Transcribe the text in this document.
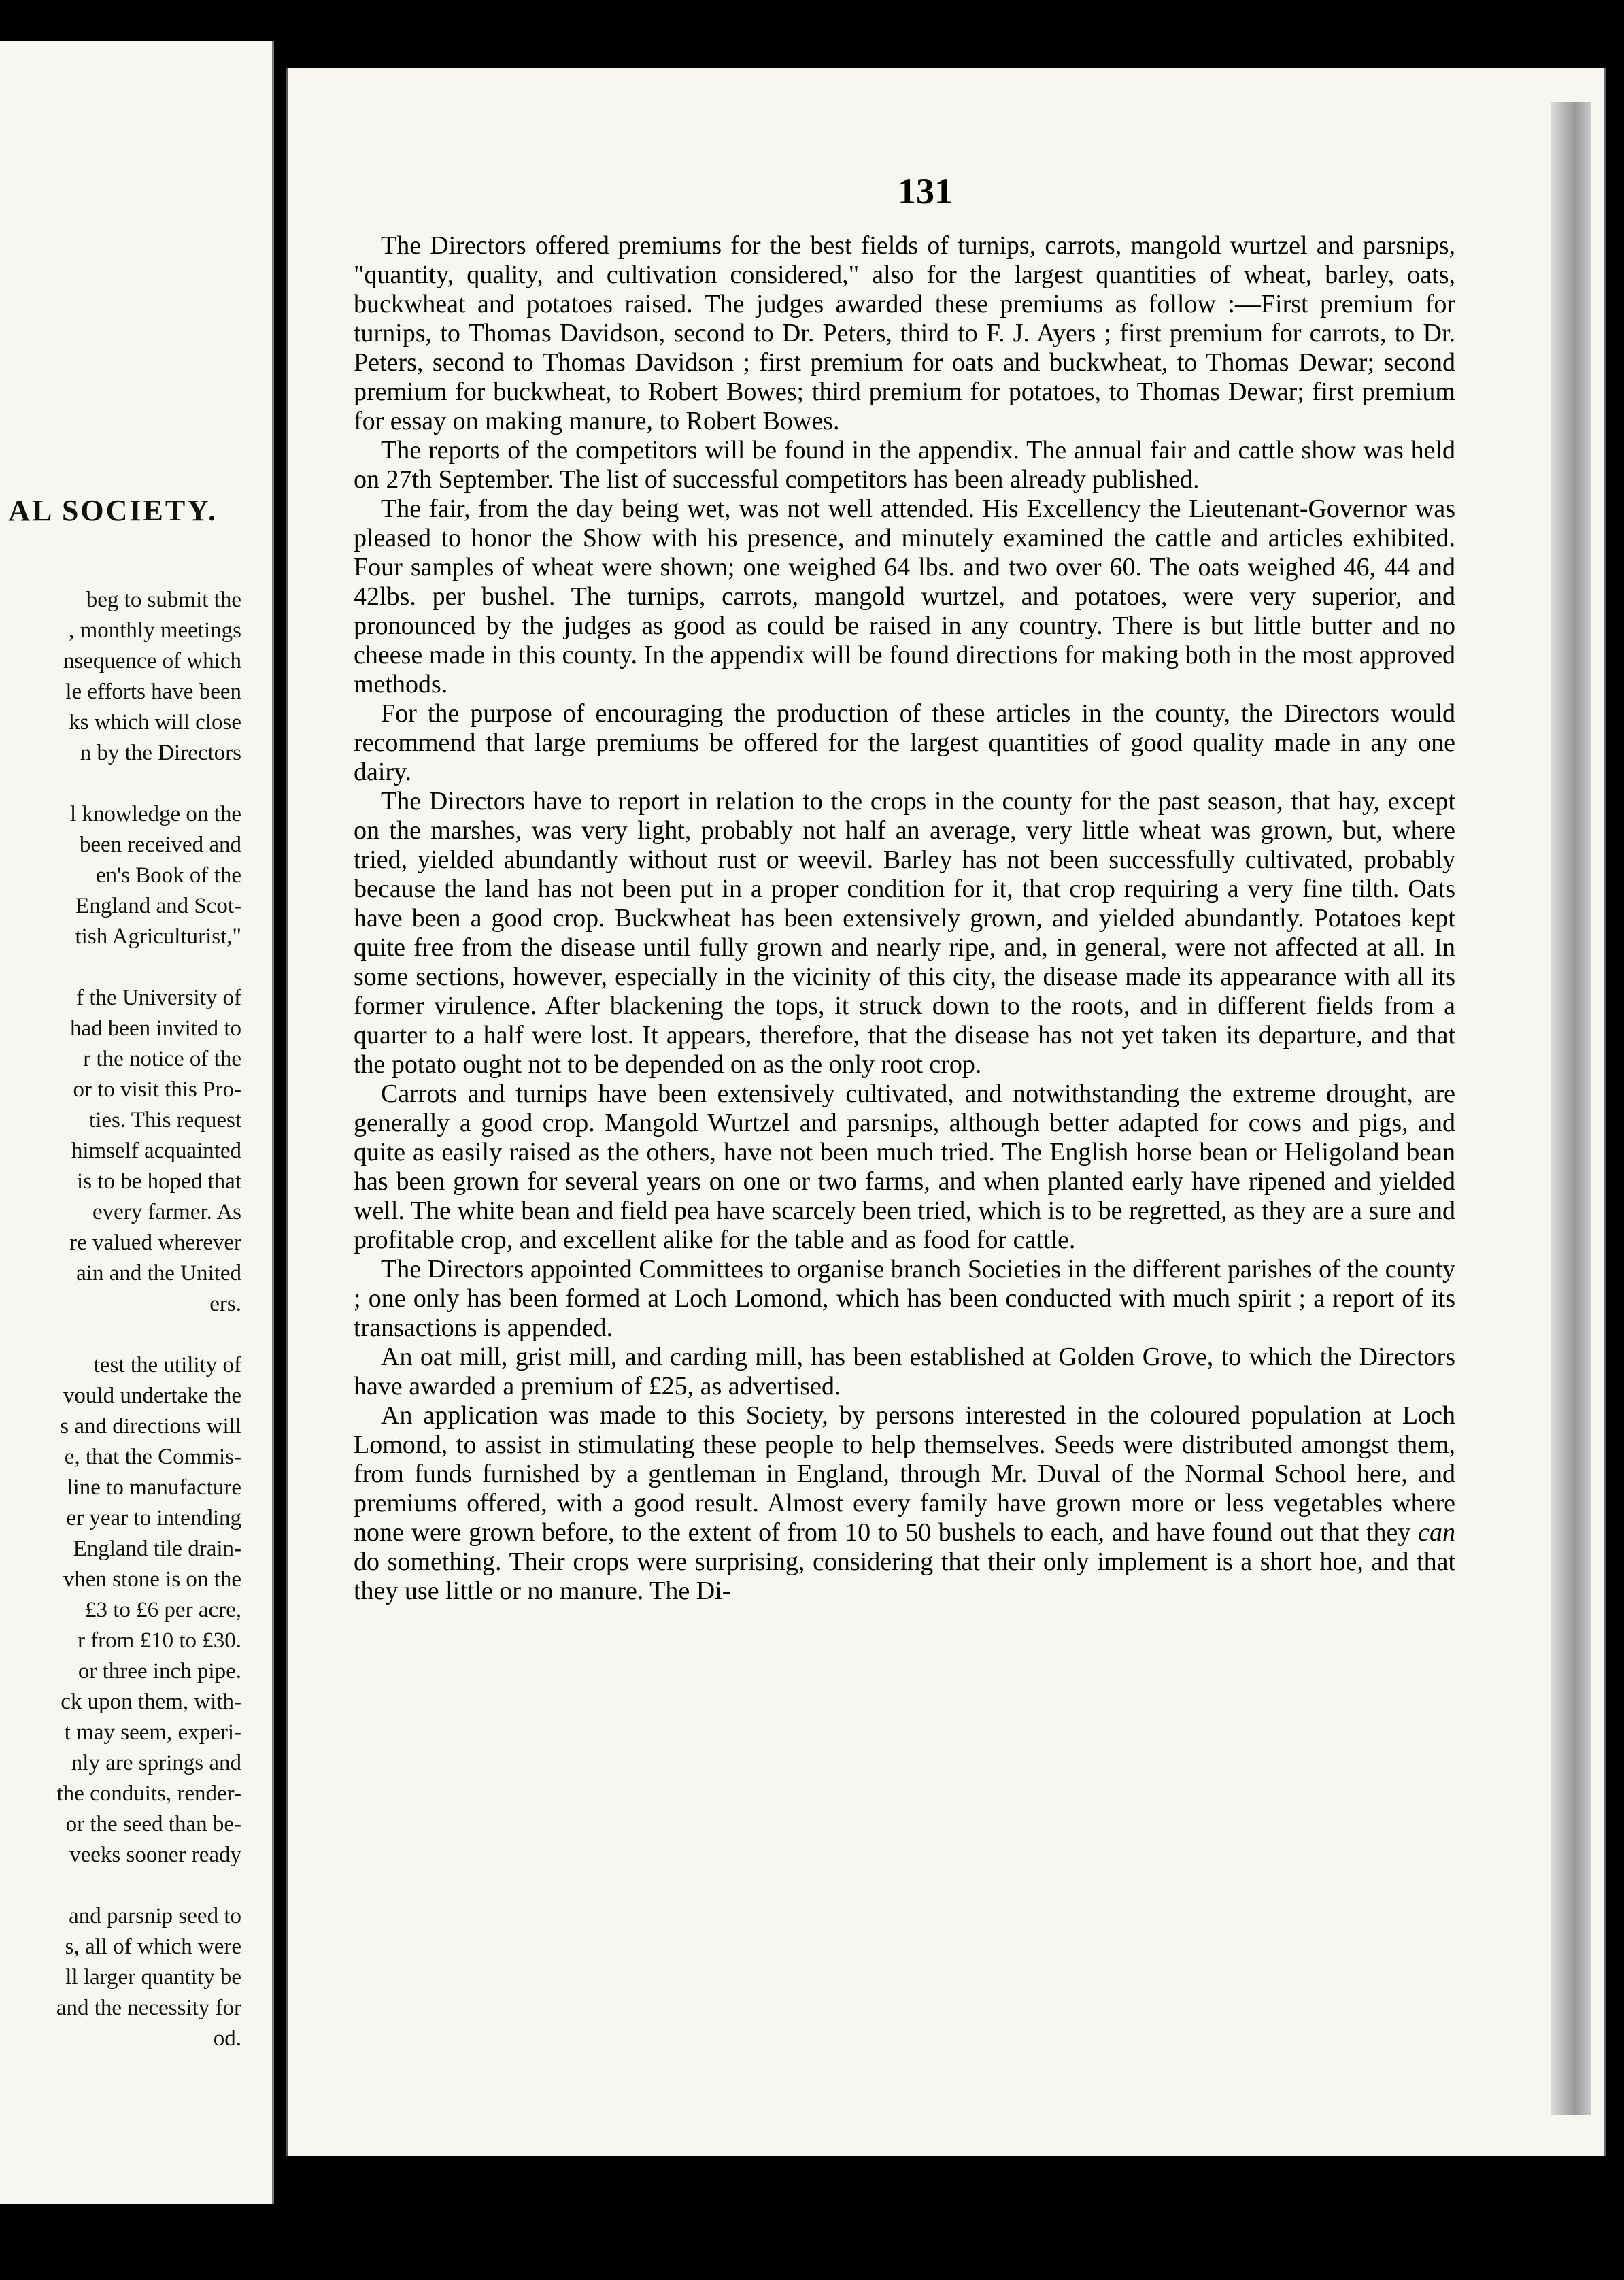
AL SOCIETY.
beg to submit the
, monthly meetings
nsequence of which
le efforts have been
ks which will close
n by the Directors
l knowledge on the
been received and
en's Book of the
England and Scot-
tish Agriculturist,"
f the University of
had been invited to
r the notice of the
or to visit this Pro-
ties. This request
himself acquainted
is to be hoped that
every farmer. As
re valued wherever
ain and the United
ers.
test the utility of
vould undertake the
s and directions will
e, that the Commis-
line to manufacture
er year to intending
England tile drain-
vhen stone is on the
£3 to £6 per acre,
r from £10 to £30.
or three inch pipe.
ck upon them, with-
t may seem, experi-
nly are springs and
the conduits, render-
or the seed than be-
veeks sooner ready
and parsnip seed to
s, all of which were
ll larger quantity be
and the necessity for
od.
131

The Directors offered premiums for the best fields of turnips, carrots, mangold wurtzel and parsnips, "quantity, quality, and cultivation considered," also for the largest quantities of wheat, barley, oats, buckwheat and potatoes raised. The judges awarded these premiums as follow :—First premium for turnips, to Thomas Davidson, second to Dr. Peters, third to F. J. Ayers ; first premium for carrots, to Dr. Peters, second to Thomas Davidson ; first premium for oats and buckwheat, to Thomas Dewar; second premium for buckwheat, to Robert Bowes; third premium for potatoes, to Thomas Dewar; first premium for essay on making manure, to Robert Bowes.

The reports of the competitors will be found in the appendix. The annual fair and cattle show was held on 27th September. The list of successful competitors has been already published.

The fair, from the day being wet, was not well attended. His Excellency the Lieutenant-Governor was pleased to honor the Show with his presence, and minutely examined the cattle and articles exhibited. Four samples of wheat were shown; one weighed 64 lbs. and two over 60. The oats weighed 46, 44 and 42lbs. per bushel. The turnips, carrots, mangold wurtzel, and potatoes, were very superior, and pronounced by the judges as good as could be raised in any country. There is but little butter and no cheese made in this county. In the appendix will be found directions for making both in the most approved methods.

For the purpose of encouraging the production of these articles in the county, the Directors would recommend that large premiums be offered for the largest quantities of good quality made in any one dairy.

The Directors have to report in relation to the crops in the county for the past season, that hay, except on the marshes, was very light, probably not half an average, very little wheat was grown, but, where tried, yielded abundantly without rust or weevil. Barley has not been successfully cultivated, probably because the land has not been put in a proper condition for it, that crop requiring a very fine tilth. Oats have been a good crop. Buckwheat has been extensively grown, and yielded abundantly. Potatoes kept quite free from the disease until fully grown and nearly ripe, and, in general, were not affected at all. In some sections, however, especially in the vicinity of this city, the disease made its appearance with all its former virulence. After blackening the tops, it struck down to the roots, and in different fields from a quarter to a half were lost. It appears, therefore, that the disease has not yet taken its departure, and that the potato ought not to be depended on as the only root crop.

Carrots and turnips have been extensively cultivated, and notwithstanding the extreme drought, are generally a good crop. Mangold Wurtzel and parsnips, although better adapted for cows and pigs, and quite as easily raised as the others, have not been much tried. The English horse bean or Heligoland bean has been grown for several years on one or two farms, and when planted early have ripened and yielded well. The white bean and field pea have scarcely been tried, which is to be regretted, as they are a sure and profitable crop, and excellent alike for the table and as food for cattle.

The Directors appointed Committees to organise branch Societies in the different parishes of the county ; one only has been formed at Loch Lomond, which has been conducted with much spirit ; a report of its transactions is appended.

An oat mill, grist mill, and carding mill, has been established at Golden Grove, to which the Directors have awarded a premium of £25, as advertised.

An application was made to this Society, by persons interested in the coloured population at Loch Lomond, to assist in stimulating these people to help themselves. Seeds were distributed amongst them, from funds furnished by a gentleman in England, through Mr. Duval of the Normal School here, and premiums offered, with a good result. Almost every family have grown more or less vegetables where none were grown before, to the extent of from 10 to 50 bushels to each, and have found out that they can do something. Their crops were surprising, considering that their only implement is a short hoe, and that they use little or no manure. The Di-
